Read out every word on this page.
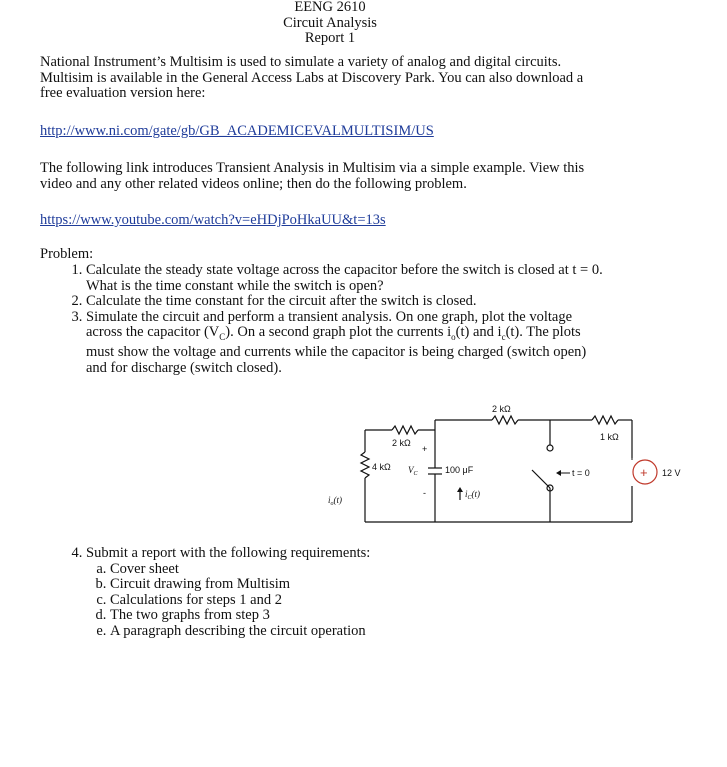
EENG 2610
Circuit Analysis
Report 1
National Instrument’s Multisim is used to simulate a variety of analog and digital circuits.
Multisim is available in the General Access Labs at Discovery Park. You can also download a
free evaluation version here:
http://www.ni.com/gate/gb/GB_ACADEMICEVALMULTISIM/US
The following link introduces Transient Analysis in Multisim via a simple example. View this
video and any other related videos online; then do the following problem.
https://www.youtube.com/watch?v=eHDjPoHkaUU&t=13s
Problem:
1. Calculate the steady state voltage across the capacitor before the switch is closed at t = 0.
What is the time constant while the switch is open?
2. Calculate the time constant for the circuit after the switch is closed.
3. Simulate the circuit and perform a transient analysis. On one graph, plot the voltage
across the capacitor $(V_C)$. On a second graph plot the currents $i_o(t)$ and $i_c(t)$. The plots
must show the voltage and currents while the capacitor is being charged (switch open)
and for discharge (switch closed).
2 kΩ
2 kΩ
1 kΩ
4 kΩ	100 μF
+
-
$V_C$
$i_C(t)$
$i_o(t)$
t = 0	+ 12 V
4. Submit a report with the following requirements:
a. Cover sheet
b. Circuit drawing from Multisim
c. Calculations for steps 1 and 2
d. The two graphs from step 3
e. A paragraph describing the circuit operation
